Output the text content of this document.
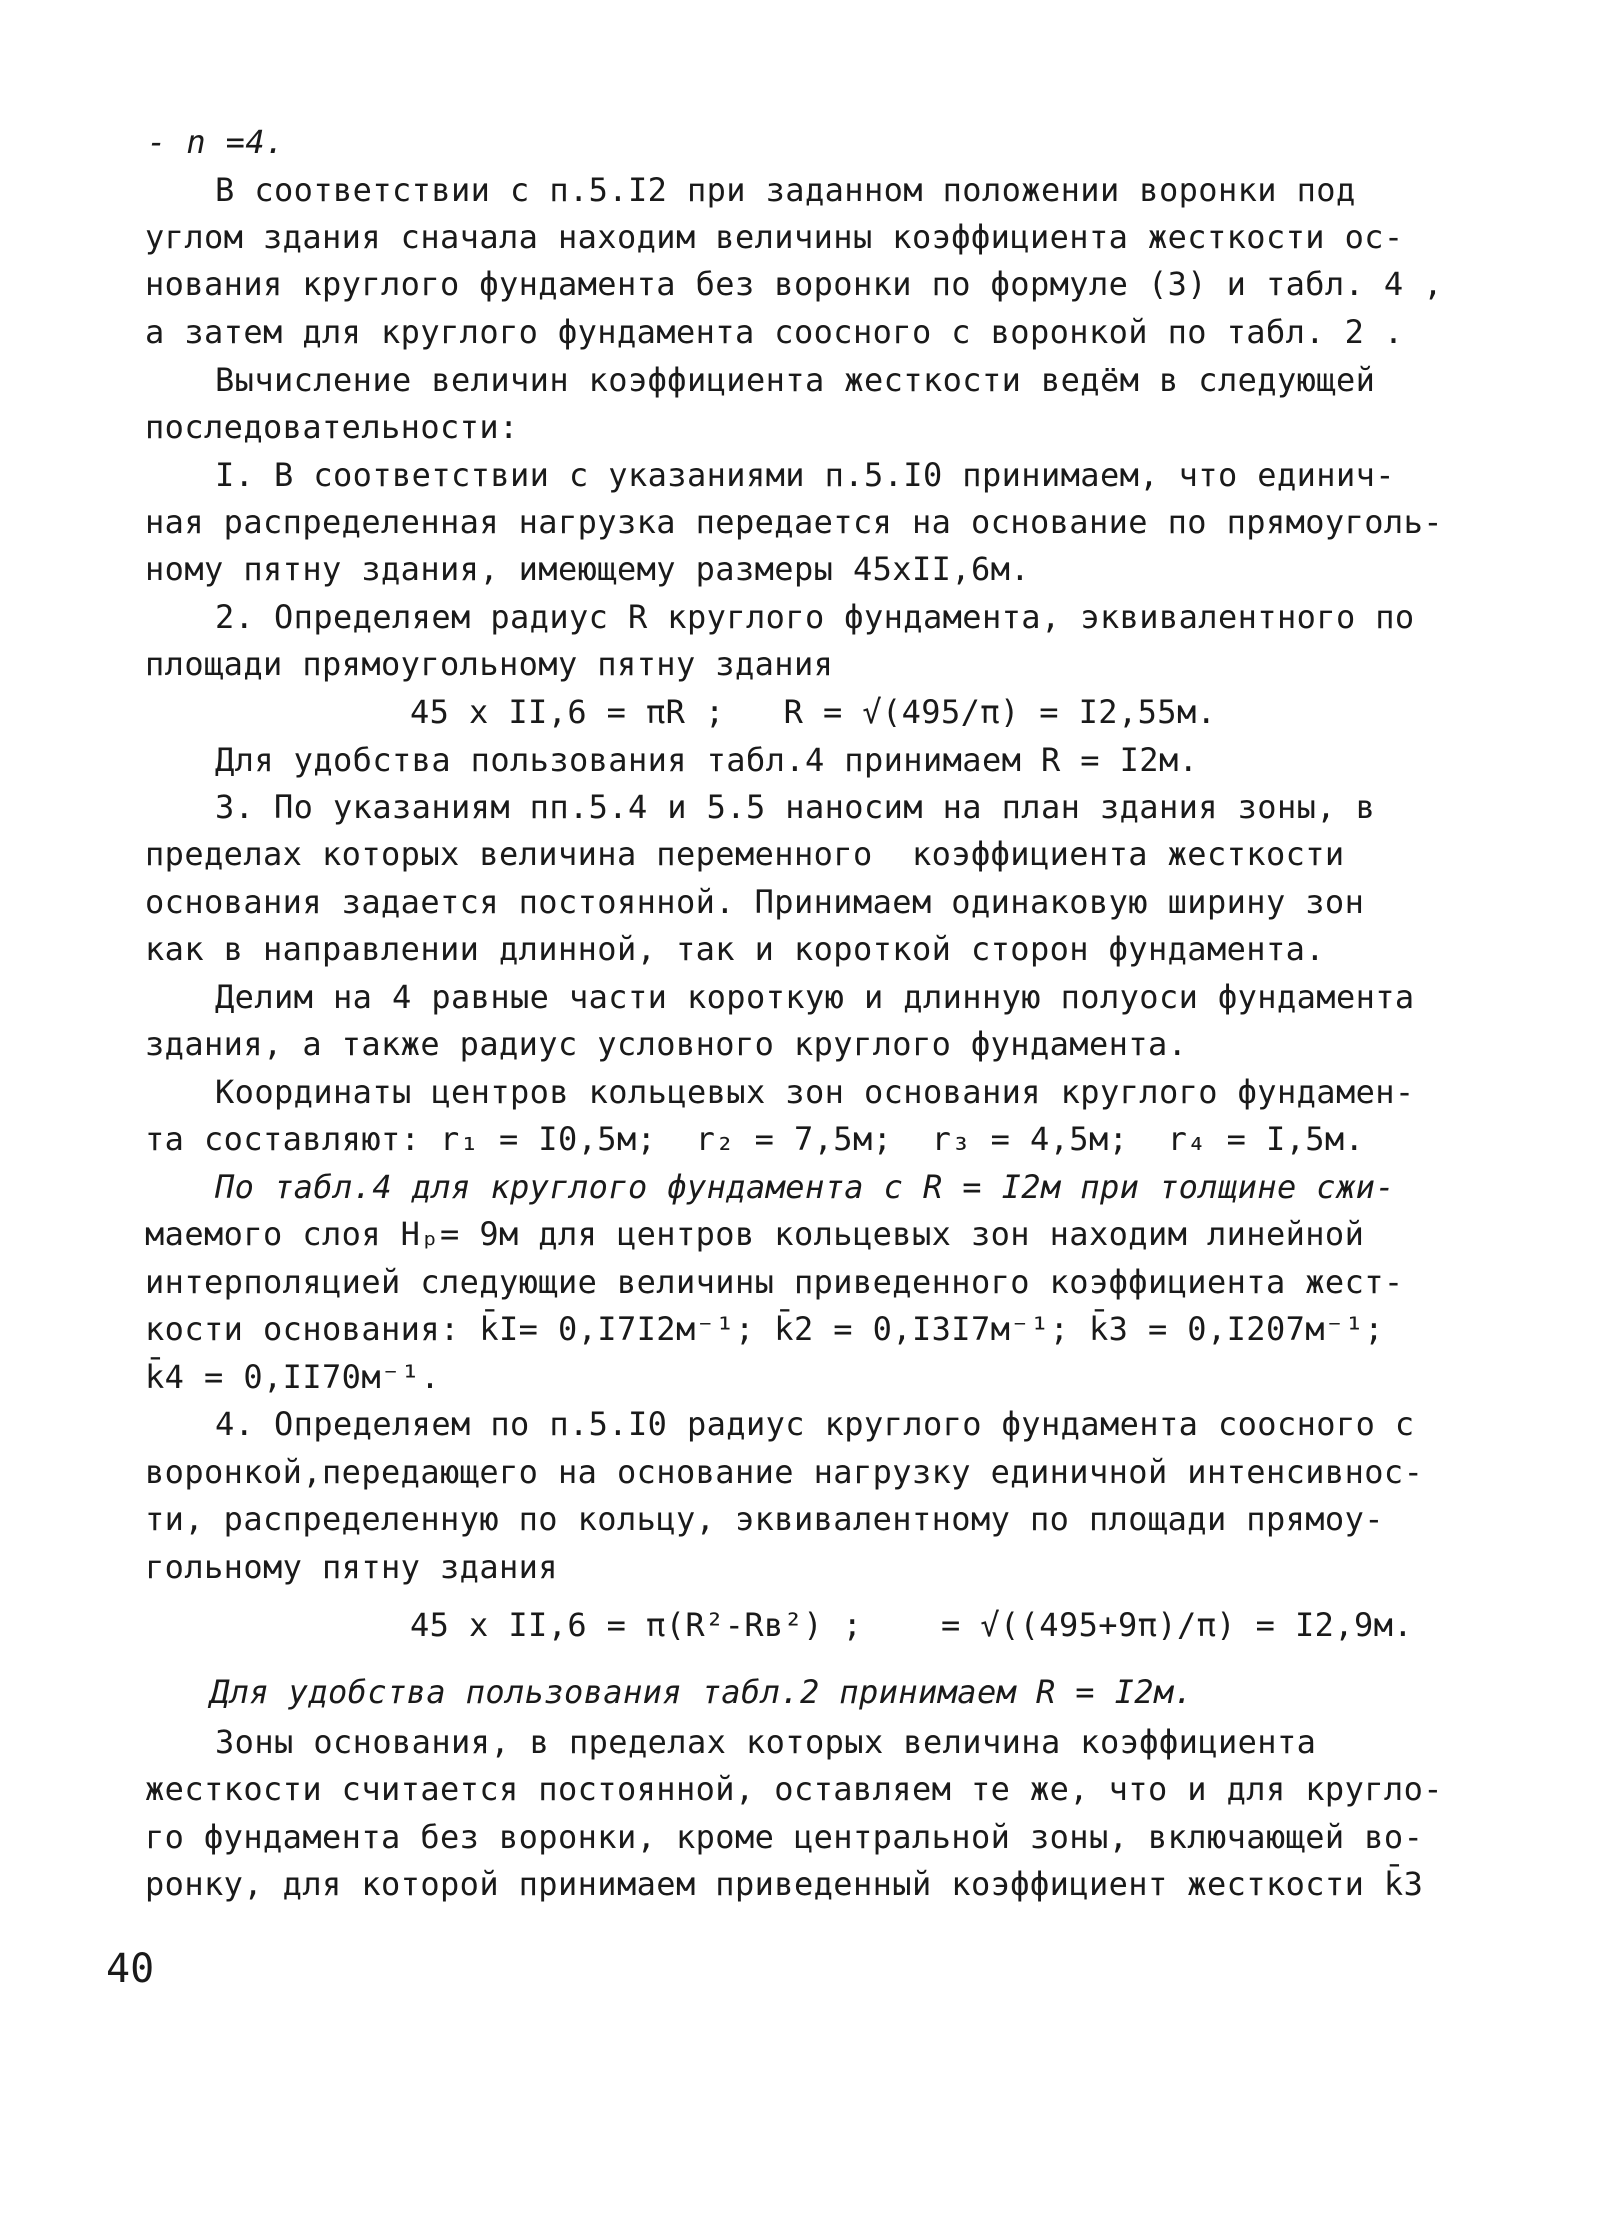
- n =4.
В соответствии с п.5.I2 при заданном положении воронки под
углом здания сначала находим величины коэффициента жесткости ос-
нования круглого фундамента без воронки по формуле (3) и табл. 4 ,
а затем для круглого фундамента соосного с воронкой по табл. 2 .
Вычисление величин коэффициента жесткости ведём в следующей
последовательности:
I. В соответствии с указаниями п.5.I0 принимаем, что единич-
ная распределенная нагрузка передается на основание по прямоуголь-
ному пятну здания, имеющему размеры 45хII,6м.
2. Определяем радиус R круглого фундамента, эквивалентного по
площади прямоугольному пятну здания
45 х II,6 = πR ;   R = √(495/π) = I2,55м.
Для удобства пользования табл.4 принимаем R = I2м.
3. По указаниям пп.5.4 и 5.5 наносим на план здания зоны, в
пределах которых величина переменного  коэффициента жесткости
основания задается постоянной. Принимаем одинаковую ширину зон
как в направлении длинной, так и короткой сторон фундамента.
Делим на 4 равные части короткую и длинную полуоси фундамента
здания, а также радиус условного круглого фундамента.
Координаты центров кольцевых зон основания круглого фундамен-
та составляют: r₁ = I0,5м;  r₂ = 7,5м;  r₃ = 4,5м;  r₄ = I,5м.
По табл.4 для круглого фундамента с R = I2м при толщине сжи-
маемого слоя Hₚ= 9м для центров кольцевых зон находим линейной
интерполяцией следующие величины приведенного коэффициента жест-
кости основания: k̄I= 0,I7I2м⁻¹; k̄2 = 0,I3I7м⁻¹; k̄3 = 0,I207м⁻¹;
k̄4 = 0,II70м⁻¹.
4. Определяем по п.5.I0 радиус круглого фундамента соосного с
воронкой,передающего на основание нагрузку единичной интенсивнос-
ти, распределенную по кольцу, эквивалентному по площади прямоу-
гольному пятну здания
45 х II,6 = π(R²-Rв²) ;    = √((495+9π)/π) = I2,9м.
Для удобства пользования табл.2 принимаем R = I2м.
Зоны основания, в пределах которых величина коэффициента
жесткости считается постоянной, оставляем те же, что и для кругло-
го фундамента без воронки, кроме центральной зоны, включающей во-
ронку, для которой принимаем приведенный коэффициент жесткости k̄3
40
